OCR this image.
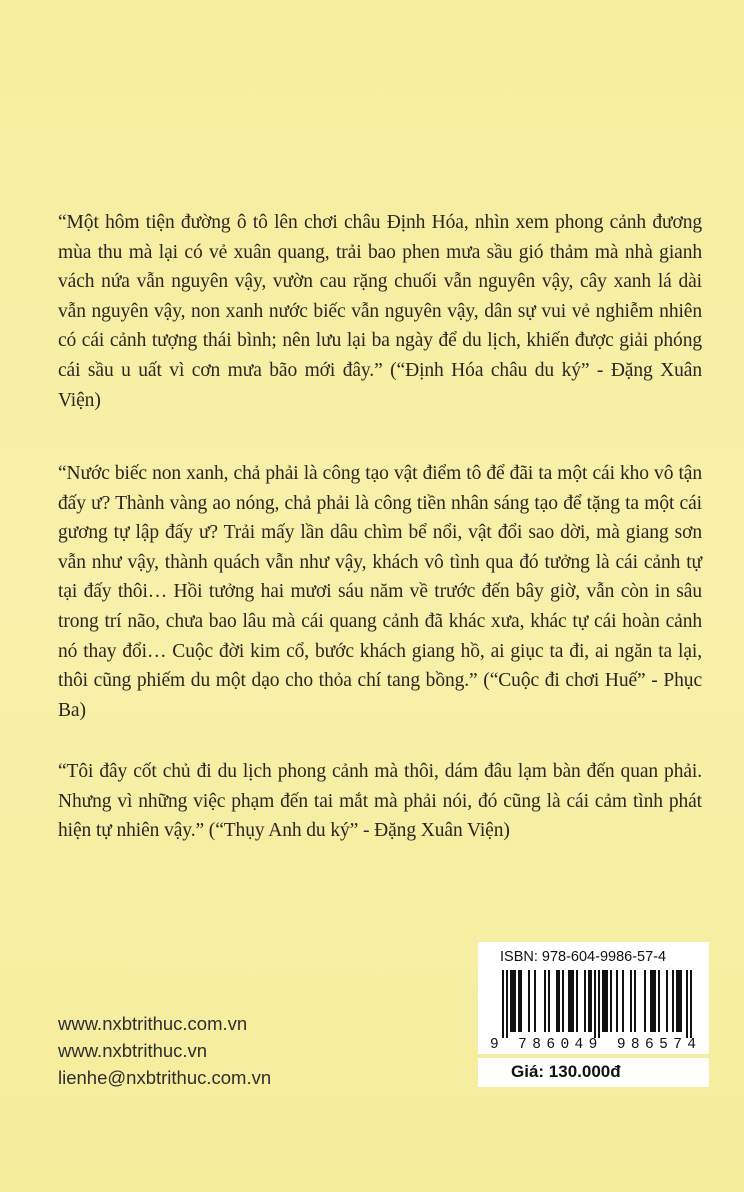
“Một hôm tiện đường ô tô lên chơi châu Định Hóa, nhìn xem phong cảnh đương mùa thu mà lại có vẻ xuân quang, trải bao phen mưa sầu gió thảm mà nhà gianh vách nứa vẫn nguyên vậy, vườn cau rặng chuối vẫn nguyên vậy, cây xanh lá dài vẫn nguyên vậy, non xanh nước biếc vẫn nguyên vậy, dân sự vui vẻ nghiễm nhiên có cái cảnh tượng thái bình; nên lưu lại ba ngày để du lịch, khiến được giải phóng cái sầu u uất vì cơn mưa bão mới đây.” (“Định Hóa châu du ký” - Đặng Xuân Viện)

“Nước biếc non xanh, chả phải là công tạo vật điểm tô để đãi ta một cái kho vô tận đấy ư? Thành vàng ao nóng, chả phải là công tiền nhân sáng tạo để tặng ta một cái gương tự lập đấy ư? Trải mấy lần dâu chìm bể nổi, vật đổi sao dời, mà giang sơn vẫn như vậy, thành quách vẫn như vậy, khách vô tình qua đó tưởng là cái cảnh tự tại đấy thôi… Hồi tưởng hai mươi sáu năm về trước đến bây giờ, vẫn còn in sâu trong trí não, chưa bao lâu mà cái quang cảnh đã khác xưa, khác tự cái hoàn cảnh nó thay đổi… Cuộc đời kim cổ, bước khách giang hồ, ai giục ta đi, ai ngăn ta lại, thôi cũng phiếm du một dạo cho thỏa chí tang bồng.” (“Cuộc đi chơi Huế” - Phục Ba)

“Tôi đây cốt chủ đi du lịch phong cảnh mà thôi, dám đâu lạm bàn đến quan phải. Nhưng vì những việc phạm đến tai mắt mà phải nói, đó cũng là cái cảm tình phát hiện tự nhiên vậy.” (“Thụy Anh du ký” - Đặng Xuân Viện)

www.nxbtrithuc.com.vn
www.nxbtrithuc.vn
lienhe@nxbtrithuc.com.vn
ISBN: 978-604-9986-57-4
9 786049 986574
Giá: 130.000đ
